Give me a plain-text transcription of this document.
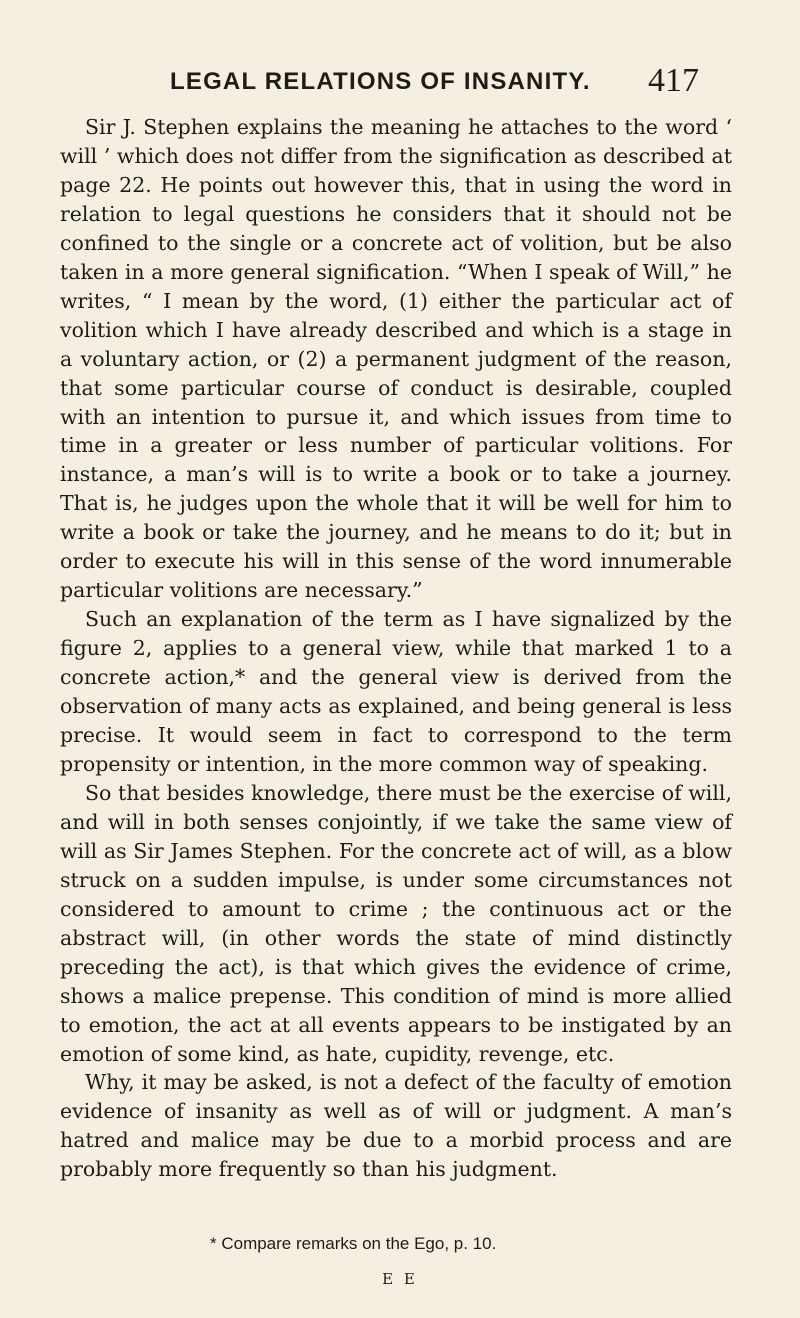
LEGAL RELATIONS OF INSANITY. 417

Sir J. Stephen explains the meaning he attaches to the word ‘ will ’ which does not differ from the signification as described at page 22. He points out however this, that in using the word in relation to legal questions he considers that it should not be confined to the single or a concrete act of volition, but be also taken in a more general signification. “When I speak of Will,” he writes, “ I mean by the word, (1) either the particular act of volition which I have already described and which is a stage in a voluntary action, or (2) a permanent judgment of the reason, that some particular course of conduct is desirable, coupled with an intention to pursue it, and which issues from time to time in a greater or less number of particular volitions. For instance, a man’s will is to write a book or to take a journey. That is, he judges upon the whole that it will be well for him to write a book or take the journey, and he means to do it; but in order to execute his will in this sense of the word innumerable particular volitions are necessary.”

Such an explanation of the term as I have signalized by the figure 2, applies to a general view, while that marked 1 to a concrete action,* and the general view is derived from the observation of many acts as explained, and being general is less precise. It would seem in fact to correspond to the term propensity or intention, in the more common way of speaking.

So that besides knowledge, there must be the exercise of will, and will in both senses conjointly, if we take the same view of will as Sir James Stephen. For the concrete act of will, as a blow struck on a sudden impulse, is under some circumstances not considered to amount to crime ; the continuous act or the abstract will, (in other words the state of mind distinctly preceding the act), is that which gives the evidence of crime, shows a malice prepense. This condition of mind is more allied to emotion, the act at all events appears to be instigated by an emotion of some kind, as hate, cupidity, revenge, etc.

Why, it may be asked, is not a defect of the faculty of emotion evidence of insanity as well as of will or judgment. A man’s hatred and malice may be due to a morbid process and are probably more frequently so than his judgment.

* Compare remarks on the Ego, p. 10.
E E
